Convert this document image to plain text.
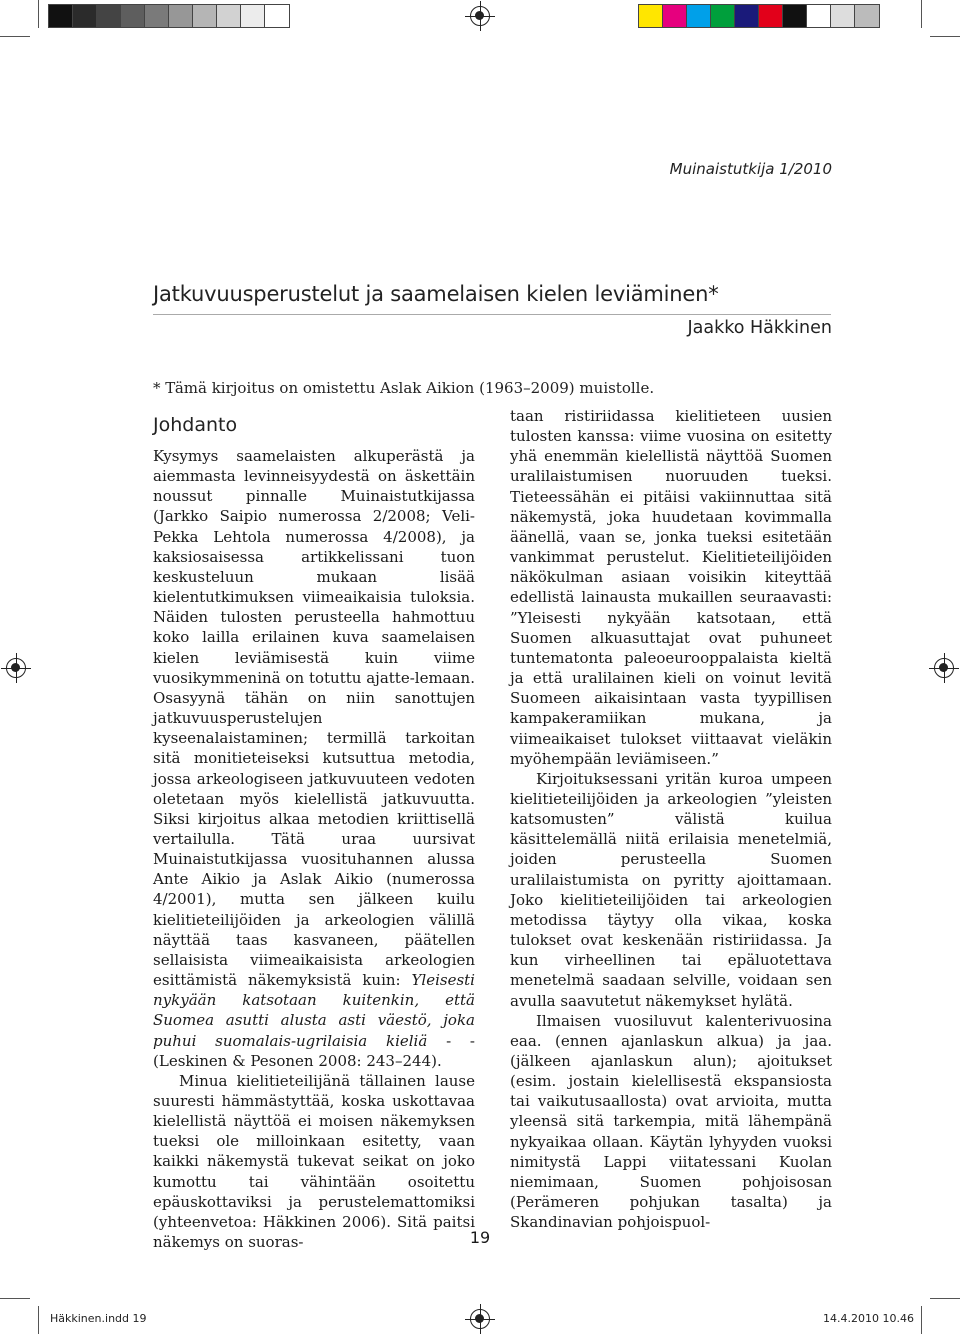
Muinaistutkija 1/2010
Jatkuvuusperustelut ja saamelaisen kielen leviäminen*
Jaakko Häkkinen
* Tämä kirjoitus on omistettu Aslak Aikion (1963–2009) muistolle.
Johdanto

Kysymys saamelaisten alkuperästä ja aiemmasta levinneisyydestä on äskettäin noussut pinnalle Muinaistutkijassa (Jarkko Saipio numerossa 2/2008; Veli-Pekka Lehtola numerossa 4/2008), ja kaksiosaisessa artikkelissani tuon keskusteluun mukaan lisää kielentutkimuksen viimeaikaisia tuloksia. Näiden tulosten perusteella hahmottuu koko lailla erilainen kuva saamelaisen kielen leviämisestä kuin viime vuosikymmeninä on totuttu ajatte-lemaan. Osasyynä tähän on niin sanottujen jatkuvuusperustelujen kyseenalaistaminen; termillä tarkoitan sitä monitieteiseksi kutsuttua metodia, jossa arkeologiseen jatkuvuuteen vedoten oletetaan myös kielellistä jatkuvuutta. Siksi kirjoitus alkaa metodien kriittisellä vertailulla. Tätä uraa uursivat Muinaistutkijassa vuosituhannen alussa Ante Aikio ja Aslak Aikio (numerossa 4/2001), mutta sen jälkeen kuilu kielitieteilijöiden ja arkeologien välillä näyttää taas kasvaneen, päätellen sellaisista viimeaikaisista arkeologien esittämistä näkemyksistä kuin: Yleisesti nykyään katsotaan kuitenkin, että Suomea asutti alusta asti väestö, joka puhui suomalais-ugrilaisia kieliä - - (Leskinen & Pesonen 2008: 243–244).

Minua kielitieteilijänä tällainen lause suuresti hämmästyttää, koska uskottavaa kielellistä näyttöä ei moisen näkemyksen tueksi ole milloinkaan esitetty, vaan kaikki näkemystä tukevat seikat on joko kumottu tai vähintään osoitettu epäuskottaviksi ja perustelemattomiksi (yhteenvetoa: Häkkinen 2006). Sitä paitsi näkemys on suoras-

taan ristiriidassa kielitieteen uusien tulosten kanssa: viime vuosina on esitetty yhä enemmän kielellistä näyttöä Suomen uralilaistumisen nuoruuden tueksi. Tieteessähän ei pitäisi vakiinnuttaa sitä näkemystä, joka huudetaan kovimmalla äänellä, vaan se, jonka tueksi esitetään vankimmat perustelut. Kielitieteilijöiden näkökulman asiaan voisikin kiteyttää edellistä lainausta mukaillen seuraavasti: ”Yleisesti nykyään katsotaan, että Suomen alkuasuttajat ovat puhuneet tuntematonta paleoeurooppalaista kieltä ja että uralilainen kieli on voinut levitä Suomeen aikaisintaan vasta tyypillisen kampakeramiikan mukana, ja viimeaikaiset tulokset viittaavat vieläkin myöhempään leviämiseen.”

Kirjoituksessani yritän kuroa umpeen kielitieteilijöiden ja arkeologien ”yleisten katsomusten” välistä kuilua käsittelemällä niitä erilaisia menetelmiä, joiden perusteella Suomen uralilaistumista on pyritty ajoittamaan. Joko kielitieteilijöiden tai arkeologien metodissa täytyy olla vikaa, koska tulokset ovat keskenään ristiriidassa. Ja kun virheellinen tai epäluotettava menetelmä saadaan selville, voidaan sen avulla saavutetut näkemykset hylätä.

Ilmaisen vuosiluvut kalenterivuosina eaa. (ennen ajanlaskun alkua) ja jaa. (jälkeen ajanlaskun alun); ajoitukset (esim. jostain kielellisestä ekspansiosta tai vaikutusaallosta) ovat arvioita, mutta yleensä sitä tarkempia, mitä lähempänä nykyaikaa ollaan. Käytän lyhyyden vuoksi nimitystä Lappi viitatessani Kuolan niemimaan, Suomen pohjoisosan (Perämeren pohjukan tasalta) ja Skandinavian pohjoispuol-

19
Häkkinen.indd 19	14.4.2010 10.46
